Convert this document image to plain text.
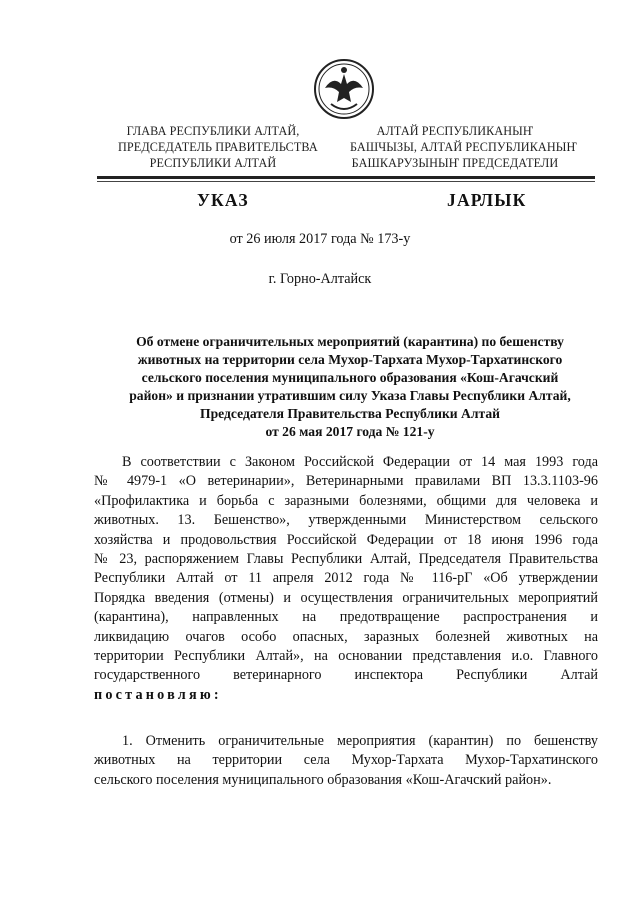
ГЛАВА РЕСПУБЛИКИ АЛТАЙ,
ПРЕДСЕДАТЕЛЬ ПРАВИТЕЛЬСТВА
РЕСПУБЛИКИ АЛТАЙ
АЛТАЙ РЕСПУБЛИКАНЫҤ
БАШЧЫЗЫ, АЛТАЙ РЕСПУБЛИКАНЫҤ
БАШКАРУЗЫНЫҤ ПРЕДСЕДАТЕЛИ
УКАЗ	ЈАРЛЫК
от 26 июля 2017 года № 173-у
г. Горно-Алтайск
Об отмене ограничительных мероприятий (карантина) по бешенству
животных на территории села Мухор-Тархата Мухор-Тархатинского
сельского поселения муниципального образования «Кош-Агачский
район» и признании утратившим силу Указа Главы Республики Алтай,
Председателя Правительства Республики Алтай
от 26 мая 2017 года № 121-у
В соответствии с Законом Российской Федерации от 14 мая 1993 года
№ 4979-1 «О ветеринарии», Ветеринарными правилами ВП 13.3.1103-96
«Профилактика и борьба с заразными болезнями, общими для человека и
животных. 13. Бешенство», утвержденными Министерством сельского
хозяйства и продовольствия Российской Федерации от 18 июня 1996 года
№ 23, распоряжением Главы Республики Алтай, Председателя Правительства
Республики Алтай от 11 апреля 2012 года № 116-рГ «Об утверждении
Порядка введения (отмены) и осуществления ограничительных мероприятий
(карантина), направленных на предотвращение распространения и
ликвидацию очагов особо опасных, заразных болезней животных на
территории Республики Алтай», на основании представления и.о. Главного
государственного ветеринарного инспектора Республики Алтай
постановляю:
1. Отменить ограничительные мероприятия (карантин) по бешенству
животных на территории села Мухор-Тархата Мухор-Тархатинского
сельского поселения муниципального образования «Кош-Агачский район».
